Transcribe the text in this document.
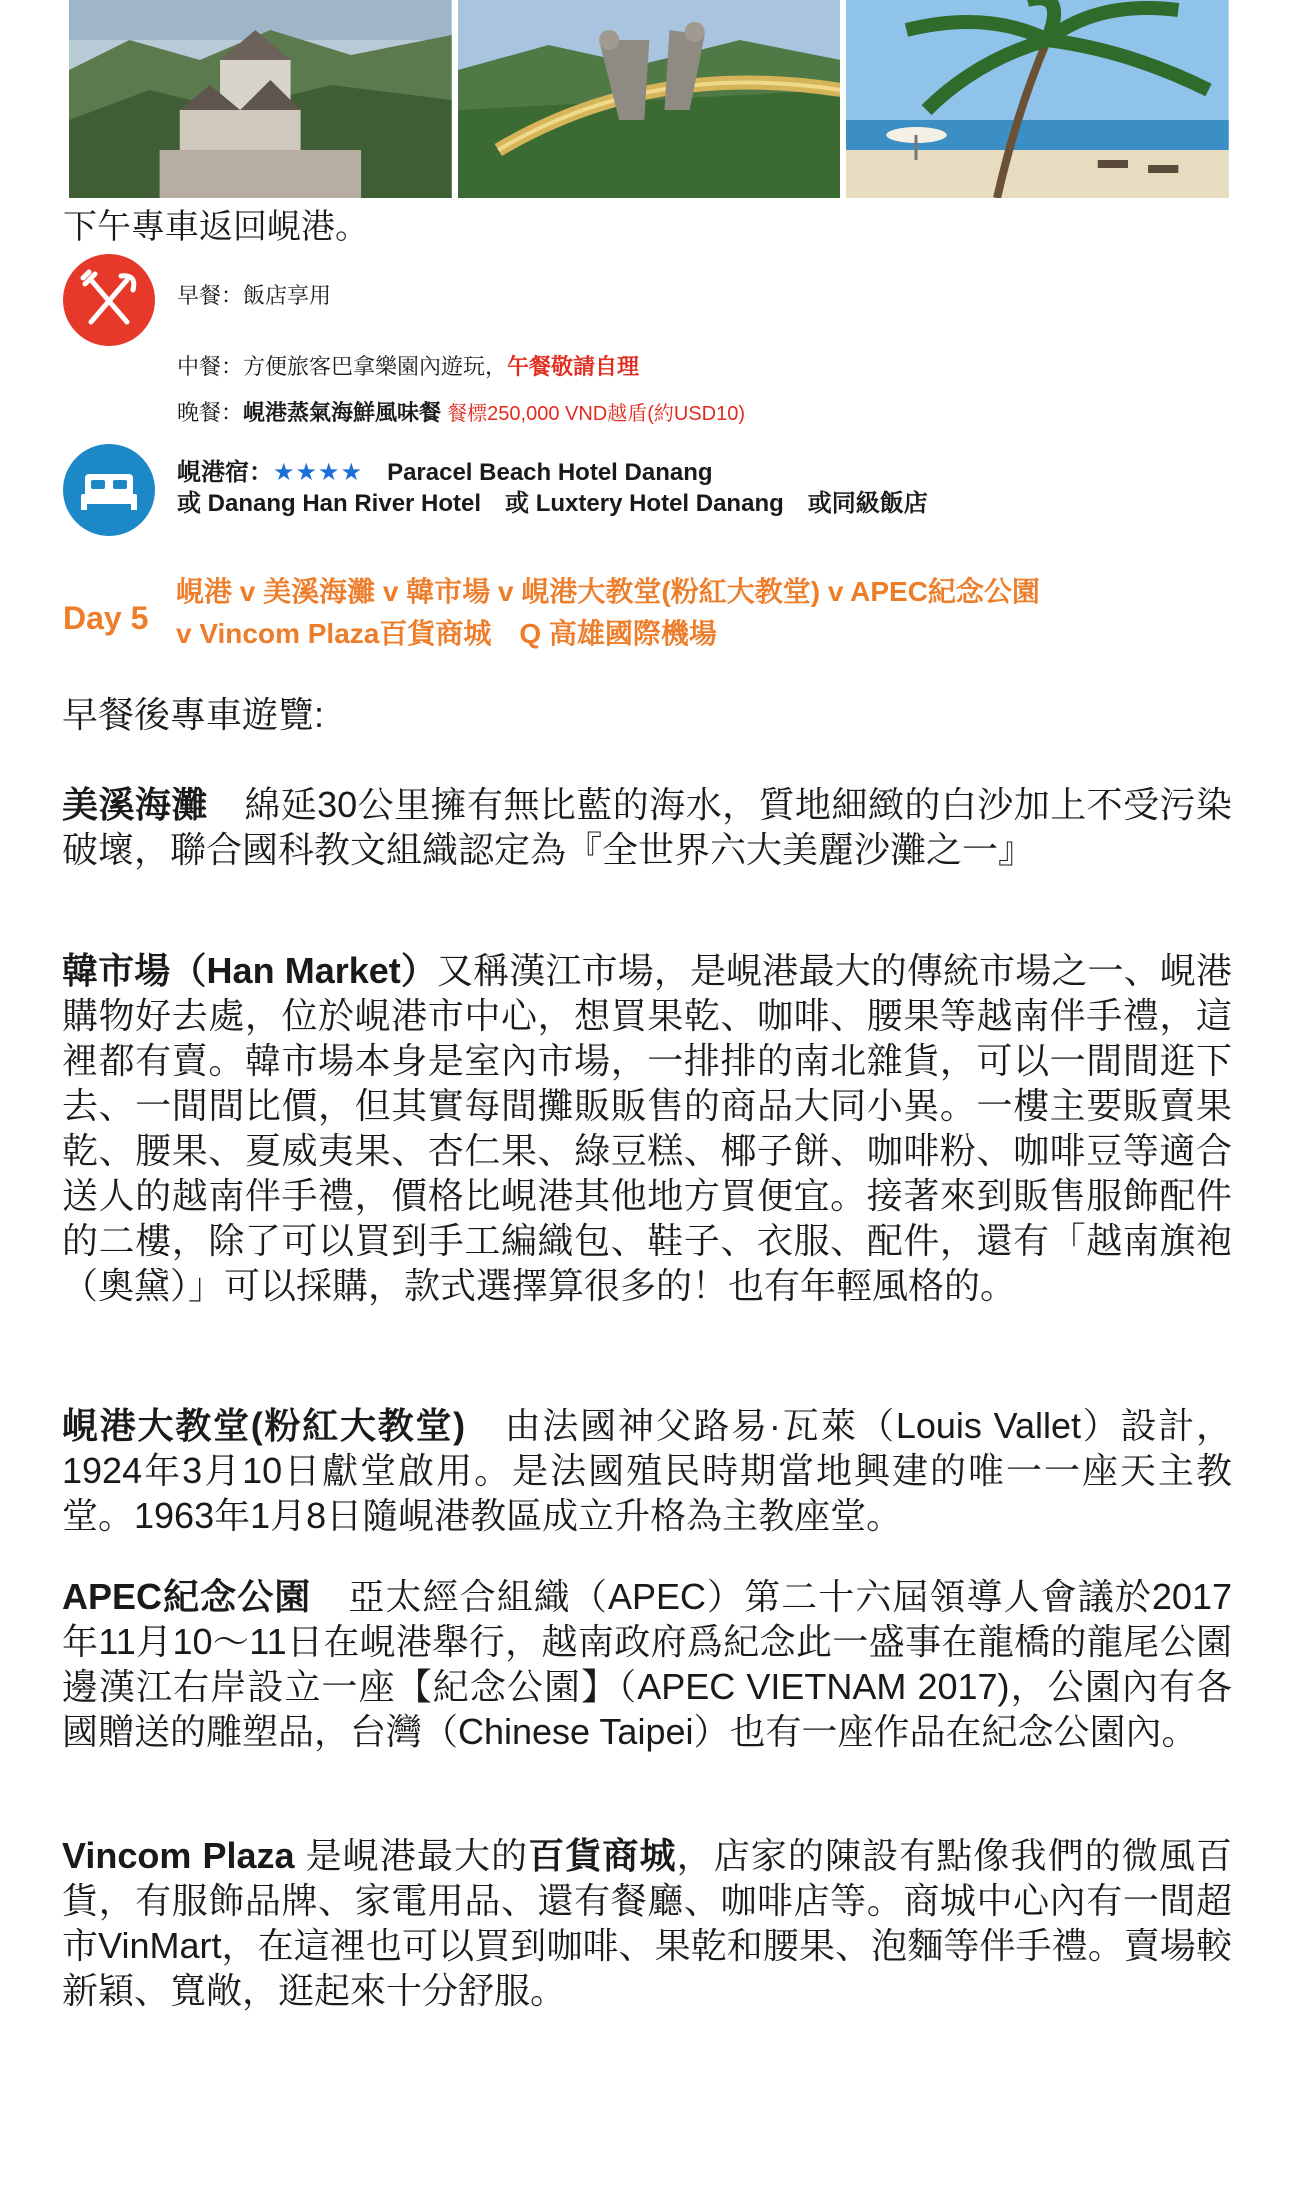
下午專車返回峴港。
早餐：飯店享用
中餐：方便旅客巴拿樂園內遊玩，午餐敬請自理
晚餐：峴港蒸氣海鮮風味餐 餐標250,000 VND越盾(約USD10)
峴港宿：★★★★　 Paracel Beach Hotel Danang
或 Danang Han River Hotel　或 Luxtery Hotel Danang　或同級飯店
Day 5
峴港 v 美溪海灘 v 韓市場 v 峴港大教堂(粉紅大教堂) v APEC紀念公園
v Vincom Plaza百貨商城　Q 高雄國際機場
早餐後專車遊覽:
美溪海灘　綿延30公里擁有無比藍的海水，質地細緻的白沙加上不受污染破壞，聯合國科教文組織認定為『全世界六大美麗沙灘之一』
韓市場（Han Market）又稱漢江市場，是峴港最大的傳統市場之一、峴港購物好去處，位於峴港市中心，想買果乾、咖啡、腰果等越南伴手禮，這裡都有賣。韓市場本身是室內市場，一排排的南北雜貨，可以一間間逛下去、一間間比價，但其實每間攤販販售的商品大同小異。一樓主要販賣果乾、腰果、夏威夷果、杏仁果、綠豆糕、椰子餅、咖啡粉、咖啡豆等適合送人的越南伴手禮，價格比峴港其他地方買便宜。接著來到販售服飾配件的二樓，除了可以買到手工編織包、鞋子、衣服、配件，還有「越南旗袍（奧黛）」可以採購，款式選擇算很多的！也有年輕風格的。
峴港大教堂(粉紅大教堂)　由法國神父路易·瓦萊（Louis Vallet）設計，1924年3月10日獻堂啟用。是法國殖民時期當地興建的唯一一座天主教堂。1963年1月8日隨峴港教區成立升格為主教座堂。
APEC紀念公園　亞太經合組織（APEC）第二十六屆領導人會議於2017年11月10～11日在峴港舉行，越南政府爲紀念此一盛事在龍橋的龍尾公園邊漢江右岸設立一座【紀念公園】（APEC VIETNAM 2017)，公園內有各國贈送的雕塑品，台灣（Chinese Taipei）也有一座作品在紀念公園內。
Vincom Plaza 是峴港最大的百貨商城，店家的陳設有點像我們的微風百貨，有服飾品牌、家電用品、還有餐廳、咖啡店等。商城中心內有一間超市VinMart，在這裡也可以買到咖啡、果乾和腰果、泡麵等伴手禮。賣場較新穎、寬敞，逛起來十分舒服。
